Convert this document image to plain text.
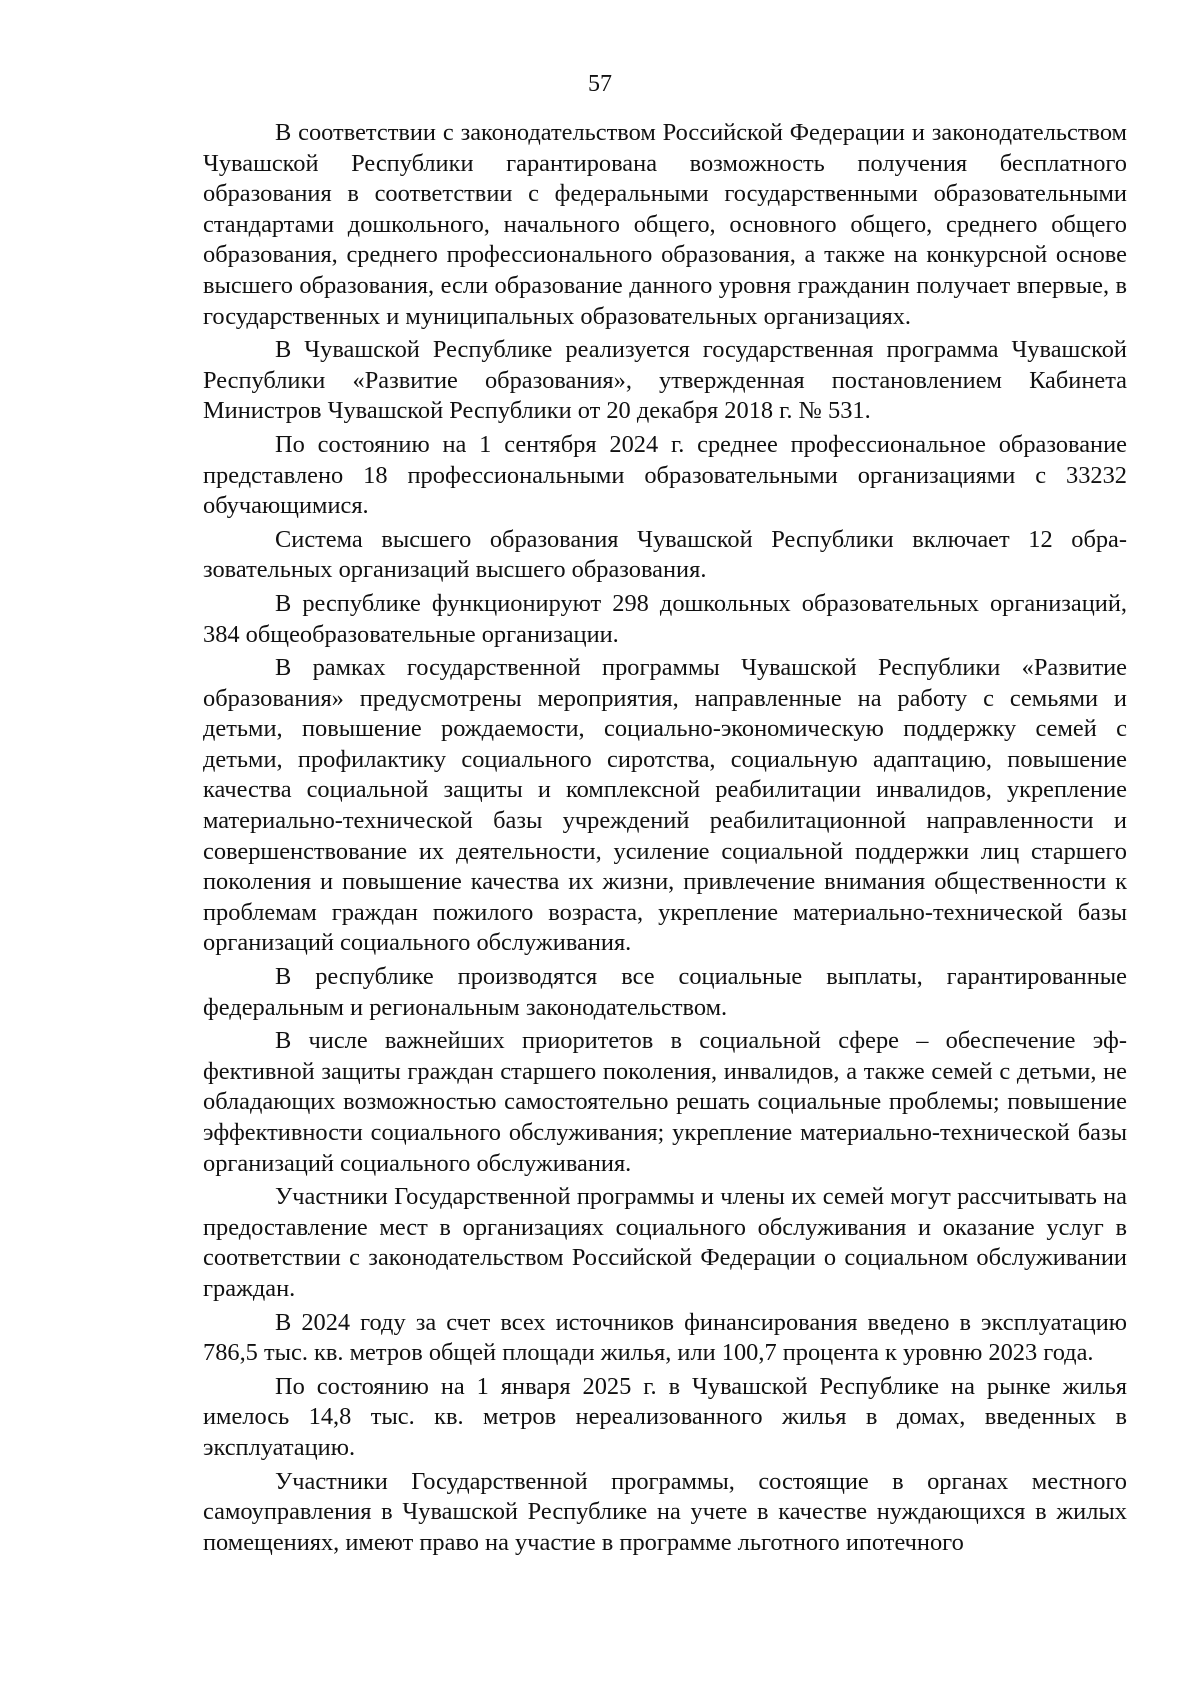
57

В соответствии с законодательством Российской Федерации и законодательством Чувашской Республики гарантирована возможность получения бесплатного образования в соответствии с федеральными государственными образовательными стандартами дошкольного, начального общего, основного общего, среднего общего образования, среднего профессионального образования, а также на конкурсной основе высшего образования, если образование данного уровня гражданин получает впервые, в государственных и муниципальных образовательных организациях.

В Чувашской Республике реализуется государственная программа Чувашской Республики «Развитие образования», утвержденная постановлением Кабинета Министров Чувашской Республики от 20 декабря 2018 г. № 531.

По состоянию на 1 сентября 2024 г. среднее профессиональное образование представлено 18 профессиональными образовательными организациями с 33232 обучающимися.

Система высшего образования Чувашской Республики включает 12 образовательных организаций высшего образования.

В республике функционируют 298 дошкольных образовательных организаций, 384 общеобразовательные организации.

В рамках государственной программы Чувашской Республики «Развитие образования» предусмотрены мероприятия, направленные на работу с семьями и детьми, повышение рождаемости, социально-экономическую поддержку семей с детьми, профилактику социального сиротства, социальную адаптацию, повышение качества социальной защиты и комплексной реабилитации инвалидов, укрепление материально-технической базы учреждений реабилитационной направленности и совершенствование их деятельности, усиление социальной поддержки лиц старшего поколения и повышение качества их жизни, привлечение внимания общественности к проблемам граждан пожилого возраста, укрепление материально-технической базы организаций социального обслуживания.

В республике производятся все социальные выплаты, гарантированные федеральным и региональным законодательством.

В числе важнейших приоритетов в социальной сфере – обеспечение эффективной защиты граждан старшего поколения, инвалидов, а также семей с детьми, не обладающих возможностью самостоятельно решать социальные проблемы; повышение эффективности социального обслуживания; укрепление материально-технической базы организаций социального обслуживания.

Участники Государственной программы и члены их семей могут рассчитывать на предоставление мест в организациях социального обслуживания и оказание услуг в соответствии с законодательством Российской Федерации о социальном обслуживании граждан.

В 2024 году за счет всех источников финансирования введено в эксплуатацию 786,5 тыс. кв. метров общей площади жилья, или 100,7 процента к уровню 2023 года.

По состоянию на 1 января 2025 г. в Чувашской Республике на рынке жилья имелось 14,8 тыс. кв. метров нереализованного жилья в домах, введенных в эксплуатацию.

Участники Государственной программы, состоящие в органах местного самоуправления в Чувашской Республике на учете в качестве нуждающихся в жилых помещениях, имеют право на участие в программе льготного ипотечного
